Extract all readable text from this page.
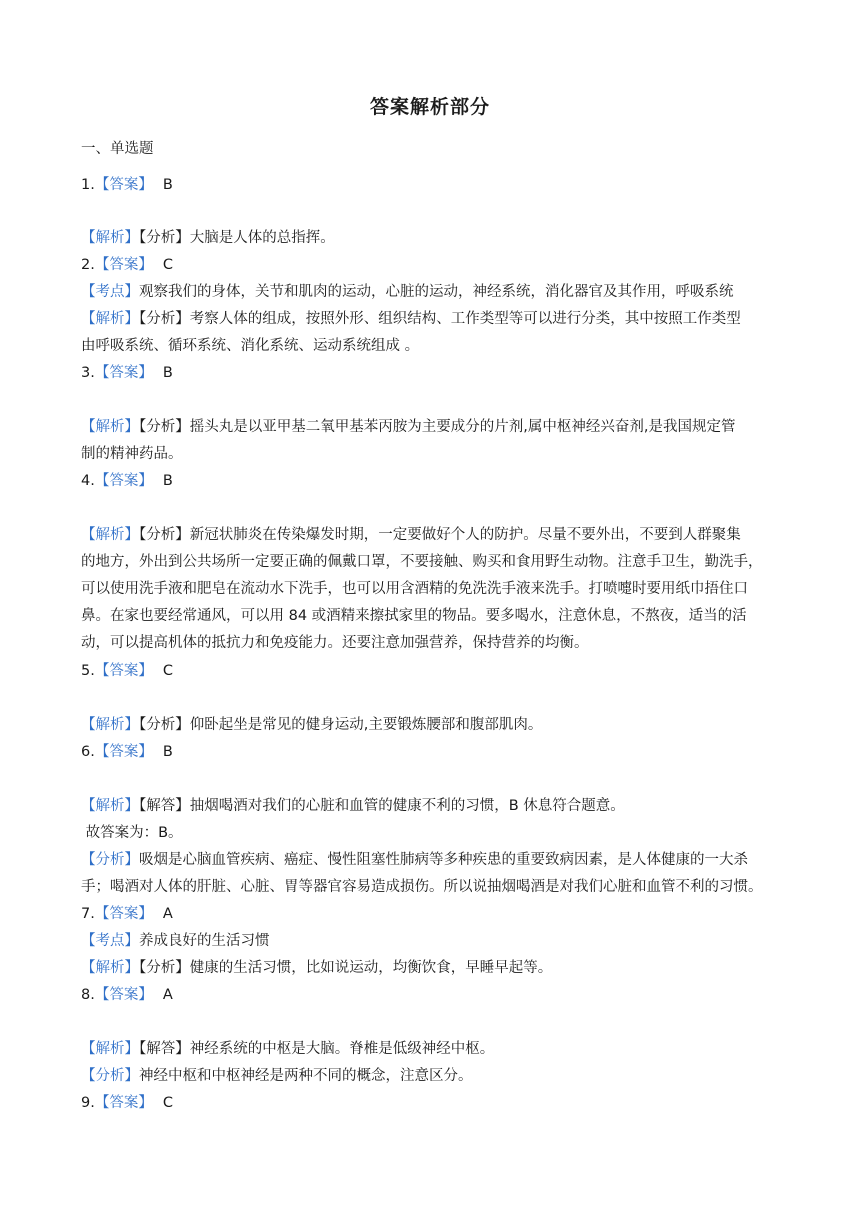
答案解析部分
一、单选题
1.【答案】 B
【解析】【分析】大脑是人体的总指挥。
2.【答案】 C
【考点】观察我们的身体，关节和肌肉的运动，心脏的运动，神经系统，消化器官及其作用，呼吸系统
【解析】【分析】考察人体的组成，按照外形、组织结构、工作类型等可以进行分类，其中按照工作类型
由呼吸系统、循环系统、消化系统、运动系统组成 。
3.【答案】 B
【解析】【分析】摇头丸是以亚甲基二氧甲基苯丙胺为主要成分的片剂,属中枢神经兴奋剂,是我国规定管
制的精神药品。
4.【答案】 B
【解析】【分析】新冠状肺炎在传染爆发时期，一定要做好个人的防护。尽量不要外出，不要到人群聚集
的地方，外出到公共场所一定要正确的佩戴口罩，不要接触、购买和食用野生动物。注意手卫生，勤洗手，
可以使用洗手液和肥皂在流动水下洗手，也可以用含酒精的免洗洗手液来洗手。打喷嚏时要用纸巾捂住口
鼻。在家也要经常通风，可以用 84 或酒精来擦拭家里的物品。要多喝水，注意休息，不熬夜，适当的活
动，可以提高机体的抵抗力和免疫能力。还要注意加强营养，保持营养的均衡。
5.【答案】 C
【解析】【分析】仰卧起坐是常见的健身运动,主要锻炼腰部和腹部肌肉。
6.【答案】 B
【解析】【解答】抽烟喝酒对我们的心脏和血管的健康不利的习惯，B 休息符合题意。
故答案为：B。
【分析】吸烟是心脑血管疾病、癌症、慢性阻塞性肺病等多种疾患的重要致病因素，是人体健康的一大杀
手；喝酒对人体的肝脏、心脏、胃等器官容易造成损伤。所以说抽烟喝酒是对我们心脏和血管不利的习惯。
7.【答案】 A
【考点】养成良好的生活习惯
【解析】【分析】健康的生活习惯，比如说运动，均衡饮食，早睡早起等。
8.【答案】 A
【解析】【解答】神经系统的中枢是大脑。脊椎是低级神经中枢。
【分析】神经中枢和中枢神经是两种不同的概念，注意区分。
9.【答案】 C
